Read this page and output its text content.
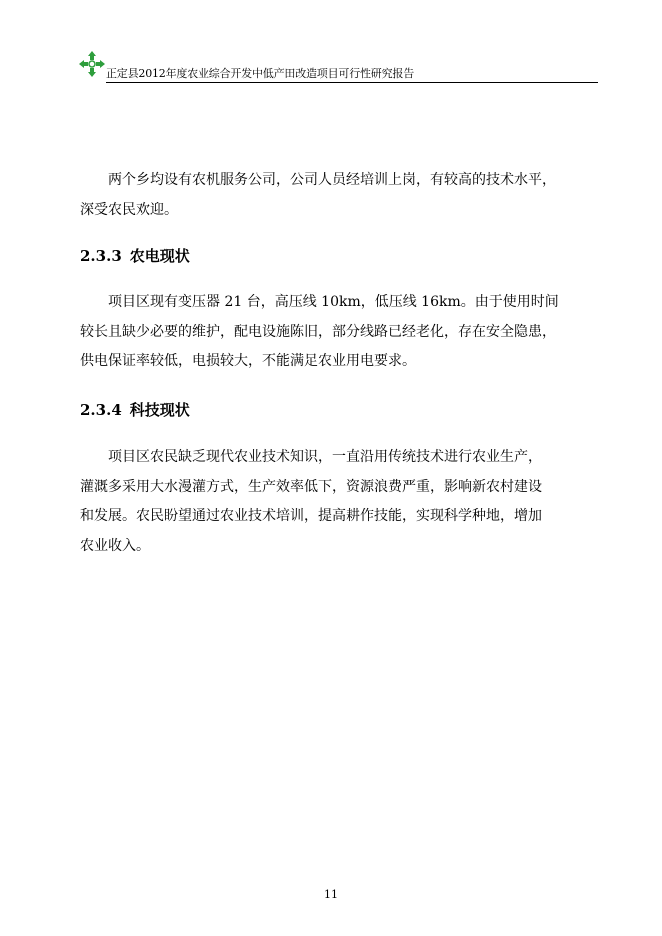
正定县2012年度农业综合开发中低产田改造项目可行性研究报告

两个乡均设有农机服务公司，公司人员经培训上岗，有较高的技术水平，
深受农民欢迎。

2.3.3 农电现状

项目区现有变压器 21 台，高压线 10km，低压线 16km。由于使用时间
较长且缺少必要的维护，配电设施陈旧，部分线路已经老化，存在安全隐患，
供电保证率较低，电损较大，不能满足农业用电要求。

2.3.4 科技现状

项目区农民缺乏现代农业技术知识，一直沿用传统技术进行农业生产，
灌溉多采用大水漫灌方式，生产效率低下，资源浪费严重，影响新农村建设
和发展。农民盼望通过农业技术培训，提高耕作技能，实现科学种地，增加
农业收入。

11
